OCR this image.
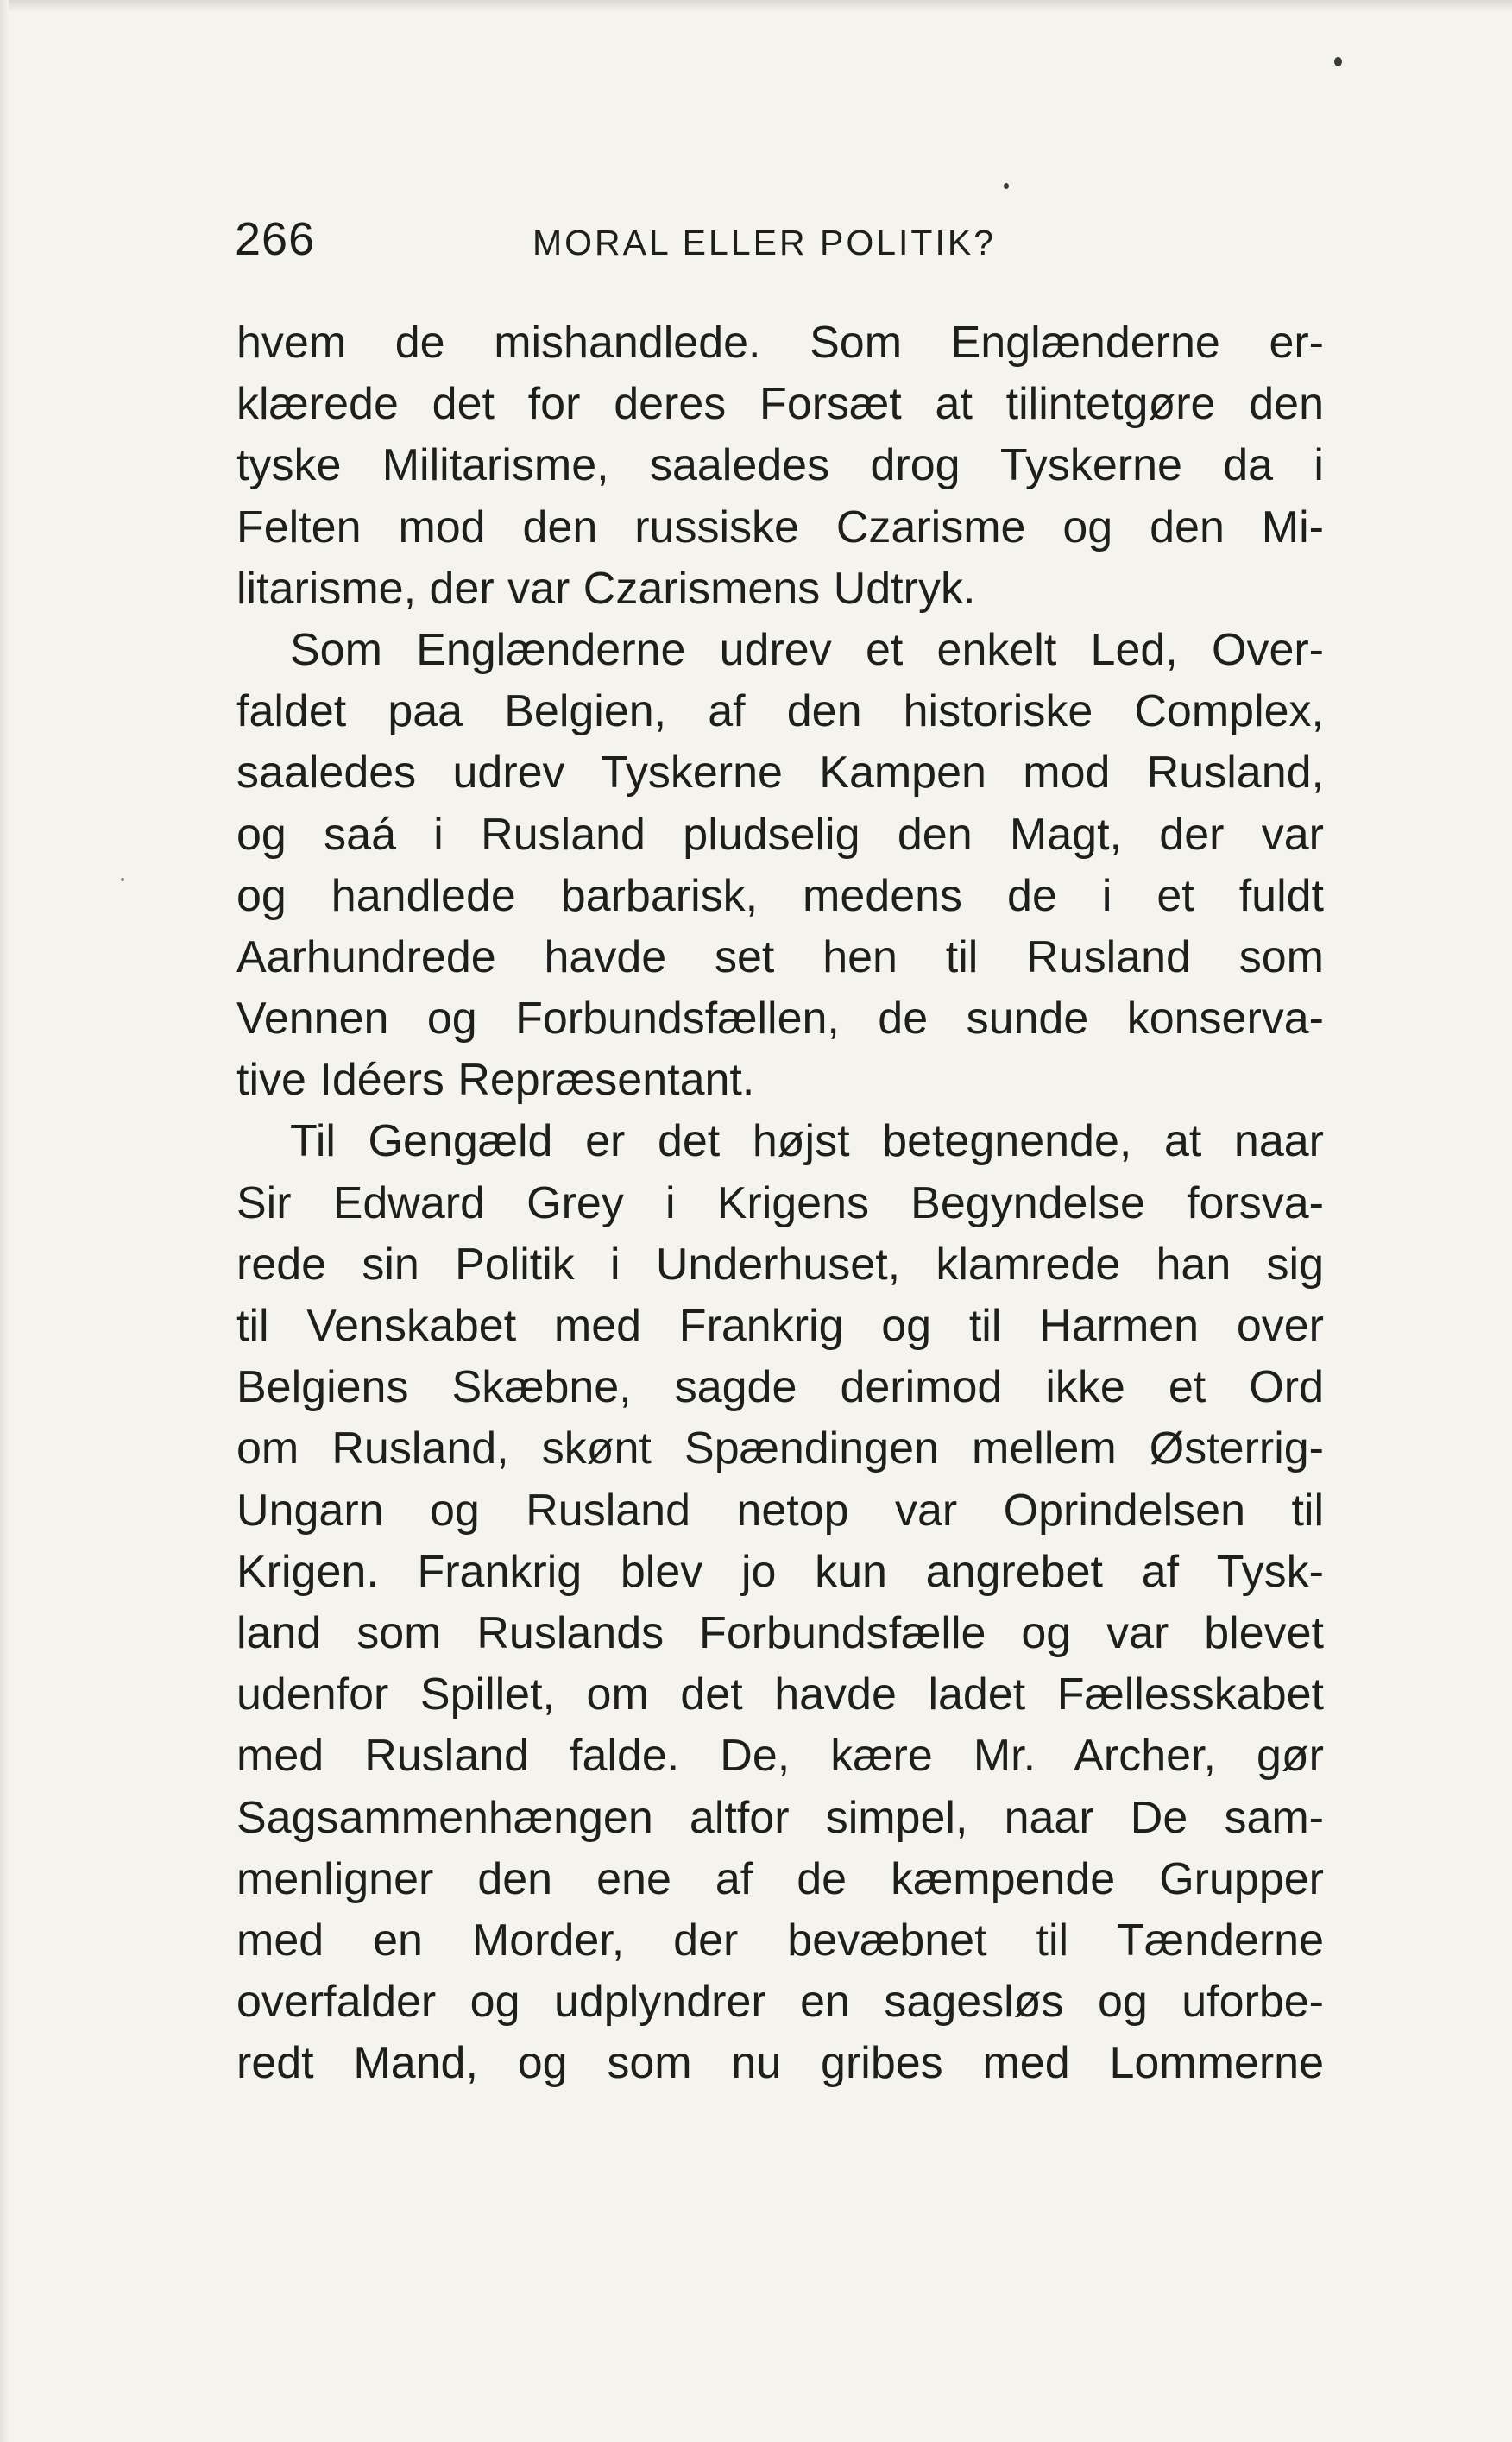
266	MORAL ELLER POLITIK?
hvem de mishandlede. Som Englænderne er-
klærede det for deres Forsæt at tilintetgøre den
tyske Militarisme, saaledes drog Tyskerne da i
Felten mod den russiske Czarisme og den Mi-
litarisme, der var Czarismens Udtryk.
Som Englænderne udrev et enkelt Led, Over-
faldet paa Belgien, af den historiske Complex,
saaledes udrev Tyskerne Kampen mod Rusland,
og saá i Rusland pludselig den Magt, der var
og handlede barbarisk, medens de i et fuldt
Aarhundrede havde set hen til Rusland som
Vennen og Forbundsfællen, de sunde konserva-
tive Idéers Repræsentant.
Til Gengæld er det højst betegnende, at naar
Sir Edward Grey i Krigens Begyndelse forsva-
rede sin Politik i Underhuset, klamrede han sig
til Venskabet med Frankrig og til Harmen over
Belgiens Skæbne, sagde derimod ikke et Ord
om Rusland, skønt Spændingen mellem Østerrig-
Ungarn og Rusland netop var Oprindelsen til
Krigen. Frankrig blev jo kun angrebet af Tysk-
land som Ruslands Forbundsfælle og var blevet
udenfor Spillet, om det havde ladet Fællesskabet
med Rusland falde. De, kære Mr. Archer, gør
Sagsammenhængen altfor simpel, naar De sam-
menligner den ene af de kæmpende Grupper
med en Morder, der bevæbnet til Tænderne
overfalder og udplyndrer en sagesløs og uforbe-
redt Mand, og som nu gribes med Lommerne
